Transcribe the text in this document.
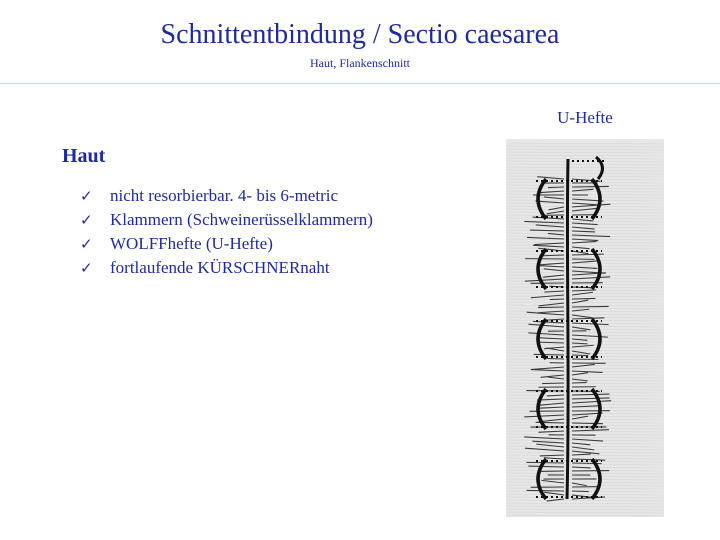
Schnittentbindung / Sectio caesarea
Haut, Flankenschnitt
Haut
✓ nicht resorbierbar. 4- bis 6-metric
✓ Klammern (Schweinerüsselklammern)
✓ WOLFFhefte (U-Hefte)
✓ fortlaufende KÜRSCHNERnaht
U-Hefte
